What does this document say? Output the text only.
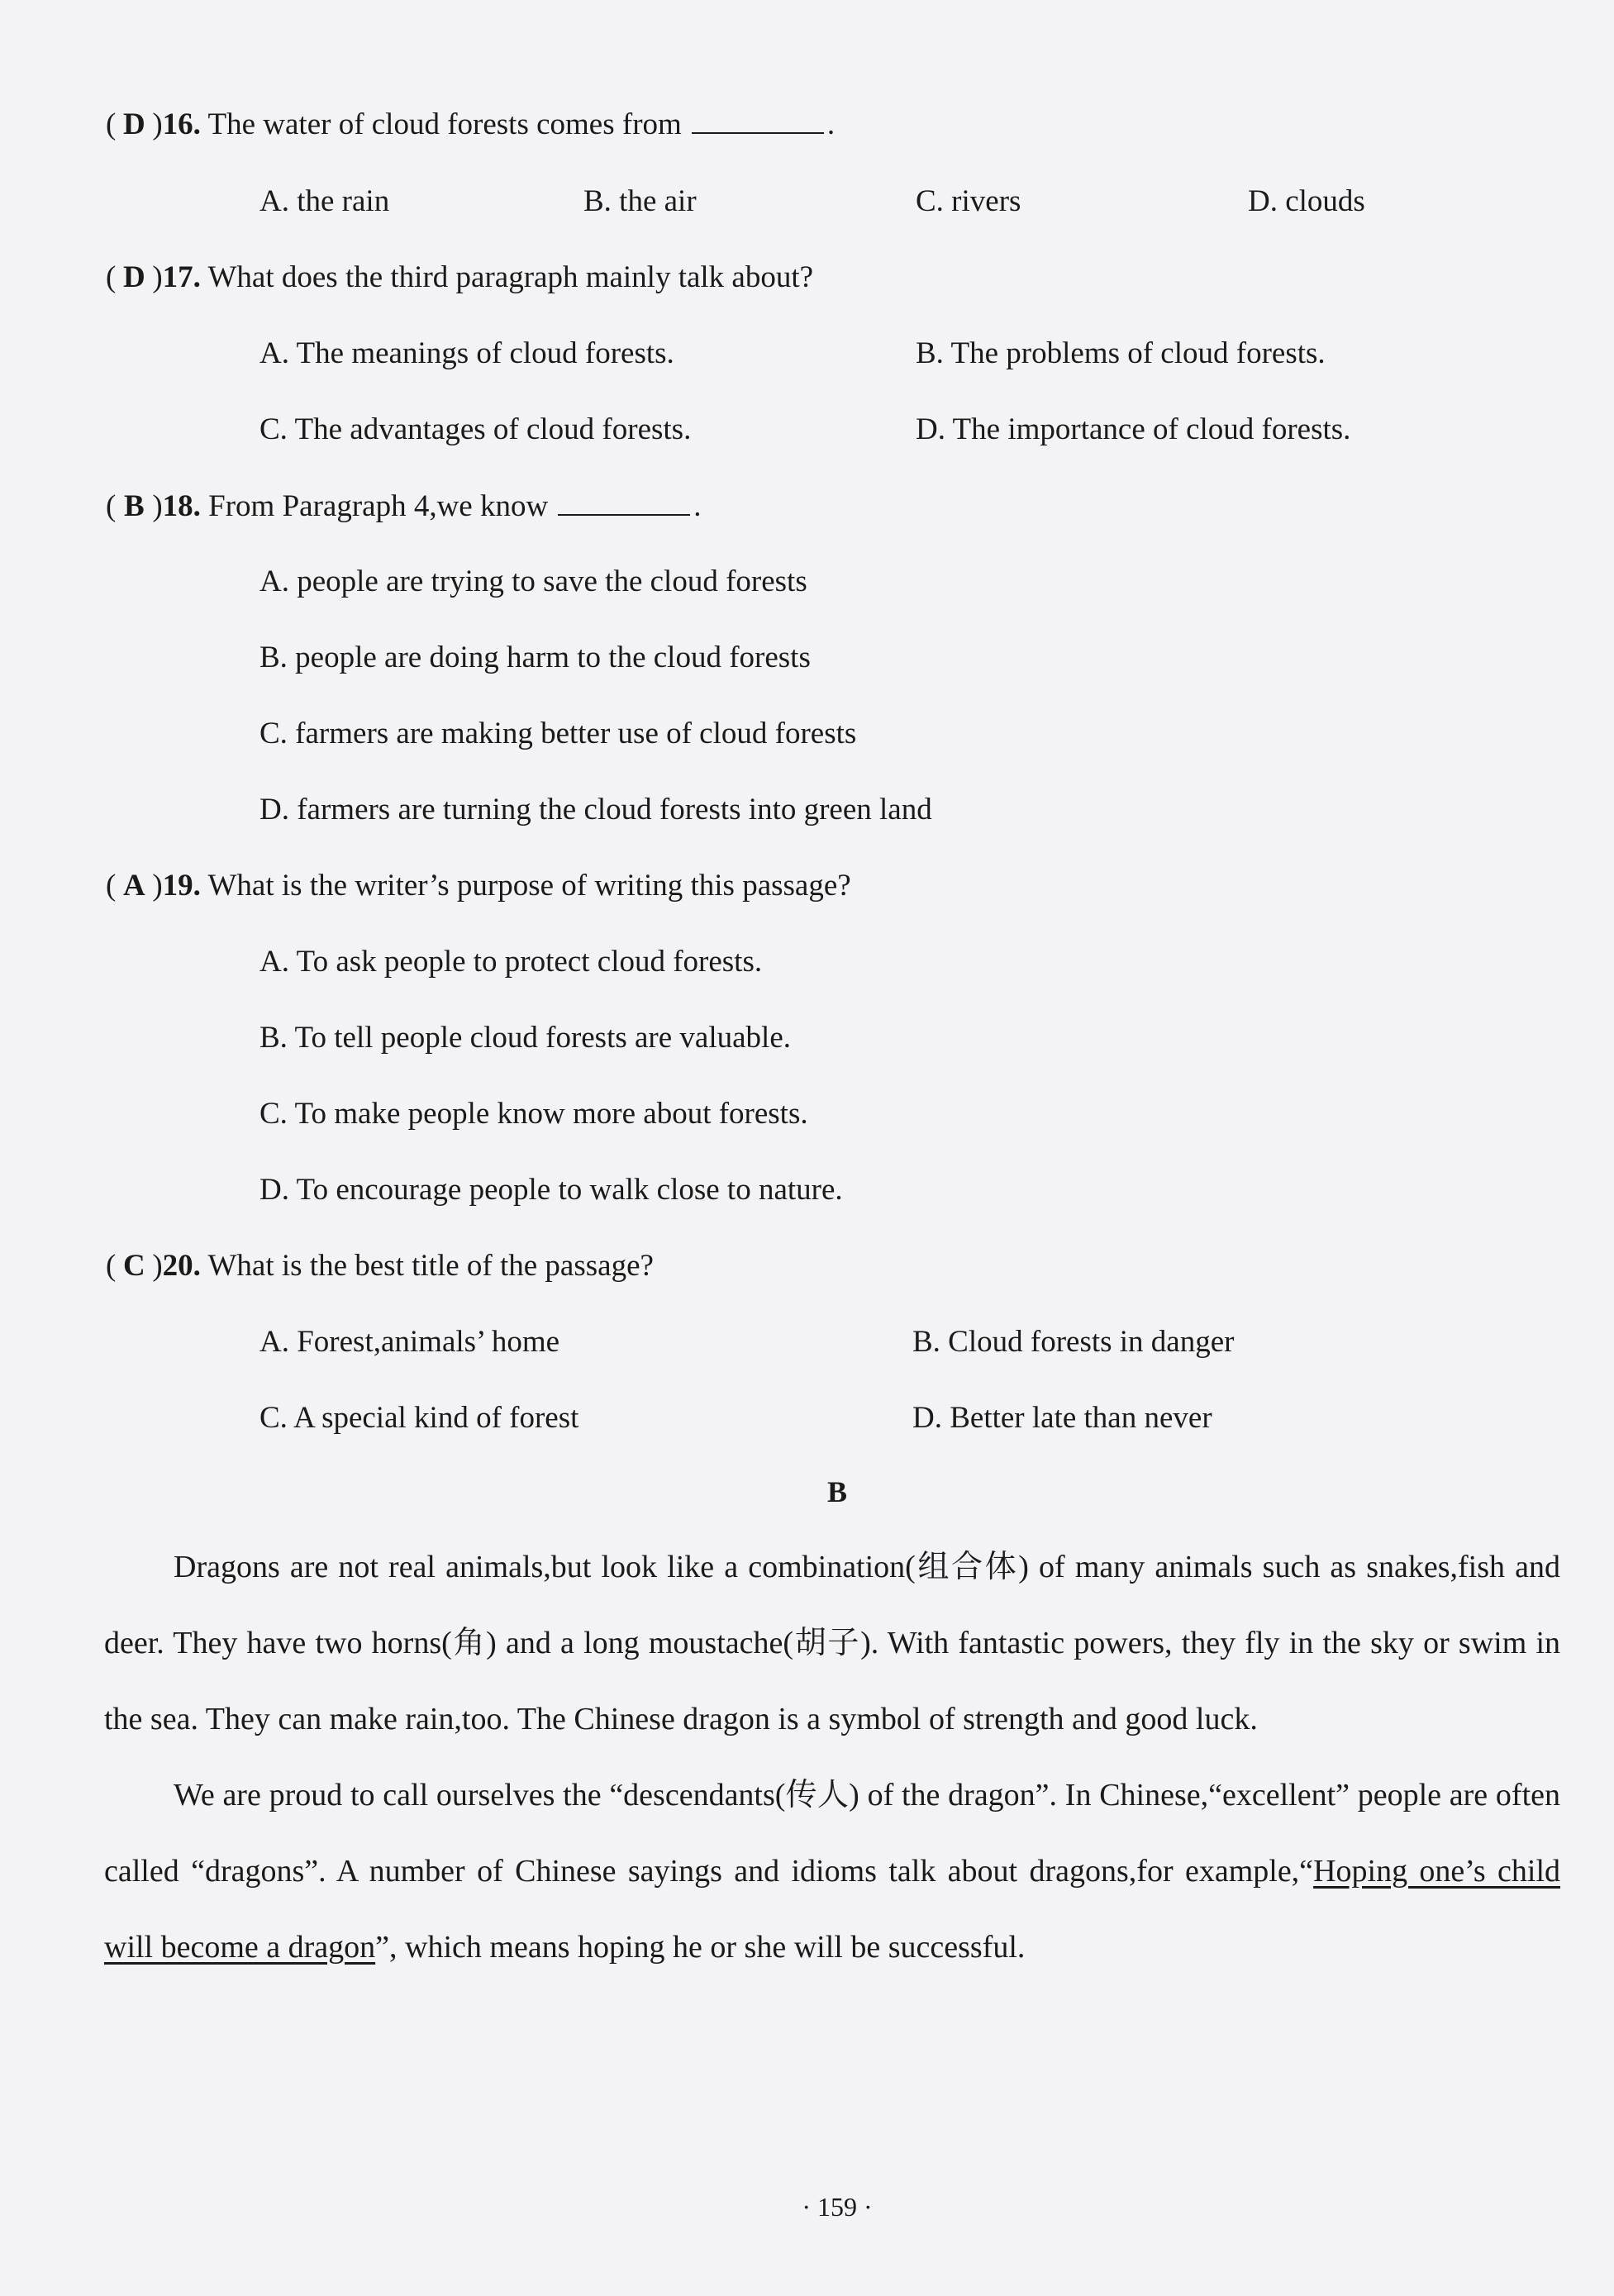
( D )16. The water of cloud forests comes from	.
A. the rain	B. the air	C. rivers	D. clouds
( D )17. What does the third paragraph mainly talk about?
A. The meanings of cloud forests.	B. The problems of cloud forests.
C. The advantages of cloud forests.	D. The importance of cloud forests.
( B )18. From Paragraph 4,we know	.
A. people are trying to save the cloud forests
B. people are doing harm to the cloud forests
C. farmers are making better use of cloud forests
D. farmers are turning the cloud forests into green land
( A )19. What is the writer’s purpose of writing this passage?
A. To ask people to protect cloud forests.
B. To tell people cloud forests are valuable.
C. To make people know more about forests.
D. To encourage people to walk close to nature.
( C )20. What is the best title of the passage?
A. Forest,animals’ home	B. Cloud forests in danger
C. A special kind of forest	D. Better late than never
B

Dragons are not real animals,but look like a combination(组合体) of many animals such as snakes,fish and deer. They have two horns(角) and a long moustache(胡子). With fantastic powers, they fly in the sky or swim in the sea. They can make rain,too. The Chinese dragon is a symbol of strength and good luck.

We are proud to call ourselves the “descendants(传人) of the dragon”. In Chinese,“excellent” people are often called “dragons”. A number of Chinese sayings and idioms talk about dragons,for example,“Hoping one’s child will become a dragon”, which means hoping he or she will be successful.

· 159 ·
